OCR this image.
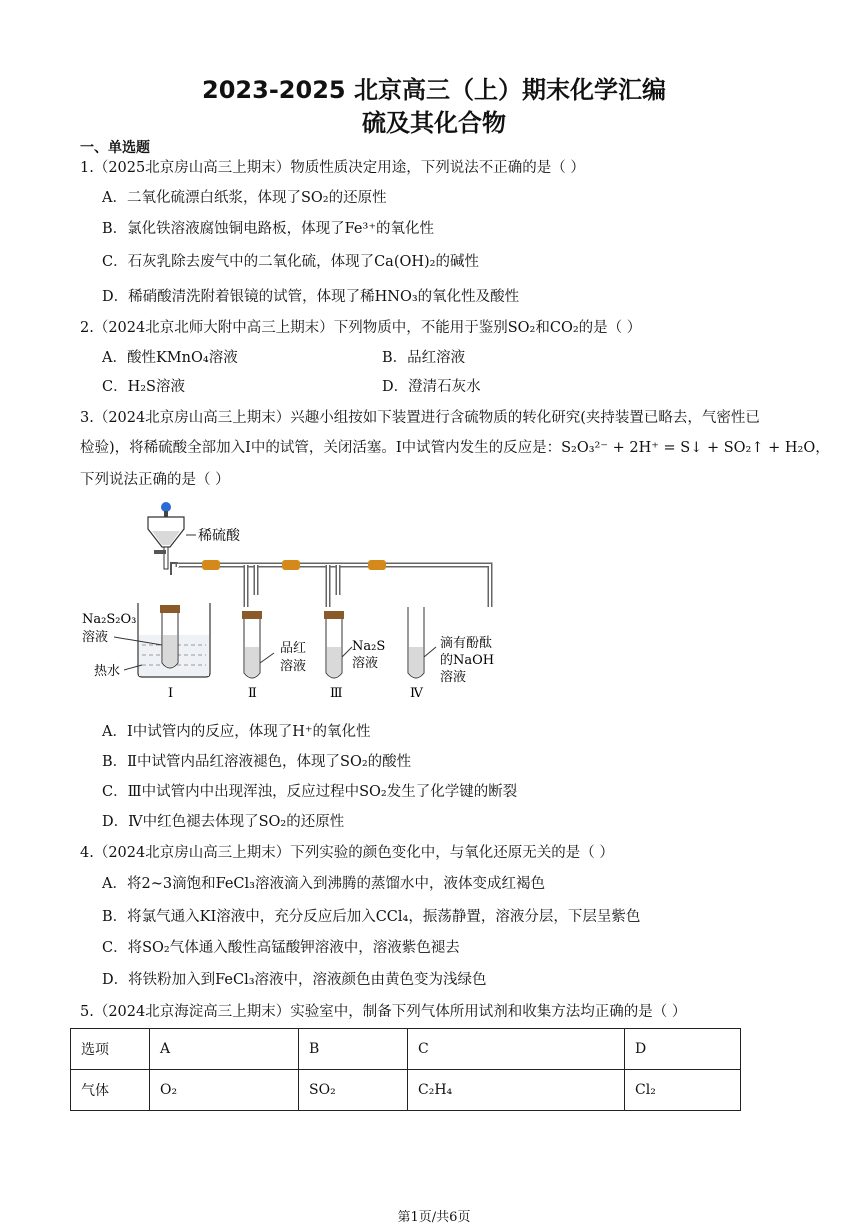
2023-2025 北京高三（上）期末化学汇编
硫及其化合物
一、单选题
1.（2025北京房山高三上期末）物质性质决定用途，下列说法不正确的是（ ）
A．二氧化硫漂白纸浆，体现了SO₂的还原性
B．氯化铁溶液腐蚀铜电路板，体现了Fe³⁺的氧化性
C．石灰乳除去废气中的二氧化硫，体现了Ca(OH)₂的碱性
D．稀硝酸清洗附着银镜的试管，体现了稀HNO₃的氧化性及酸性
2.（2024北京北师大附中高三上期末）下列物质中，不能用于鉴别SO₂和CO₂的是（ ）
A．酸性KMnO₄溶液	B．品红溶液
C．H₂S溶液	D．澄清石灰水
3.（2024北京房山高三上期末）兴趣小组按如下装置进行含硫物质的转化研究(夹持装置已略去，气密性已
检验)，将稀硫酸全部加入Ⅰ中的试管，关闭活塞。Ⅰ中试管内发生的反应是：S₂O₃²⁻ + 2H⁺ = S↓ + SO₂↑ + H₂O，
下列说法正确的是（ ）
稀硫酸
Na₂S₂O₃
溶液
热水
品红
溶液
Na₂S
溶液
滴有酚酞
的NaOH
溶液
Ⅰ	Ⅱ	Ⅲ	Ⅳ
A．Ⅰ中试管内的反应，体现了H⁺的氧化性
B．Ⅱ中试管内品红溶液褪色，体现了SO₂的酸性
C．Ⅲ中试管内中出现浑浊，反应过程中SO₂发生了化学键的断裂
D．Ⅳ中红色褪去体现了SO₂的还原性
4.（2024北京房山高三上期末）下列实验的颜色变化中，与氧化还原无关的是（ ）
A．将2~3滴饱和FeCl₃溶液滴入到沸腾的蒸馏水中，液体变成红褐色
B．将氯气通入KI溶液中，充分反应后加入CCl₄，振荡静置，溶液分层，下层呈紫色
C．将SO₂气体通入酸性高锰酸钾溶液中，溶液紫色褪去
D．将铁粉加入到FeCl₃溶液中，溶液颜色由黄色变为浅绿色
5.（2024北京海淀高三上期末）实验室中，制备下列气体所用试剂和收集方法均正确的是（ ）
选项	A	B	C	D
气体	O₂	SO₂	C₂H₄	Cl₂
第1页/共6页
